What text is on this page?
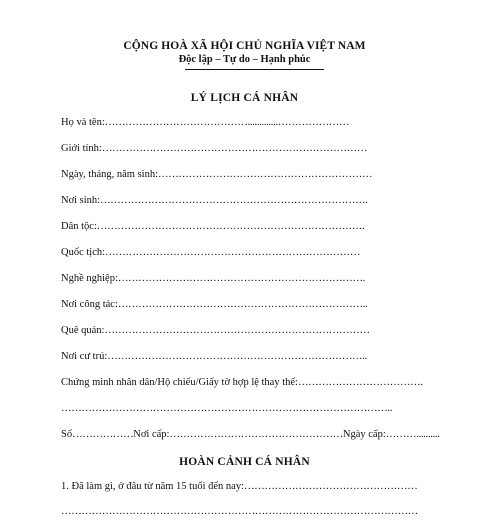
CỘNG HOÀ XÃ HỘI CHỦ NGHĨA VIỆT NAM
Độc lập – Tự do – Hạnh phúc
LÝ LỊCH CÁ NHÂN
Họ và tên:…………………………………….............…………………
Giới tính:……………………………………………………………………
Ngày, tháng, năm sinh:………………………………………………………
Nơi sinh:…………………………………………………………………….
Dân tộc:…………………………………………………………………….
Quốc tịch:…………………………………………………………………
Nghề nghiệp:……………………………………………………………….
Nơi công tác:………………………………………………………………..
Quê quán:……………………………………………………………………
Nơi cư trú:…………………………………………………………………..
Chứng minh nhân dân/Hộ chiếu/Giấy tờ hợp lệ thay thế:……………………………….
……………………………………………………………………………………..
Số………………Nơi cấp:……………………………………………Ngày cấp:………..........
HOÀN CẢNH CÁ NHÂN
1. Đã làm gì, ở đâu từ năm 15 tuổi đến nay:……………………………………………
……………………………………………………………………………………………
